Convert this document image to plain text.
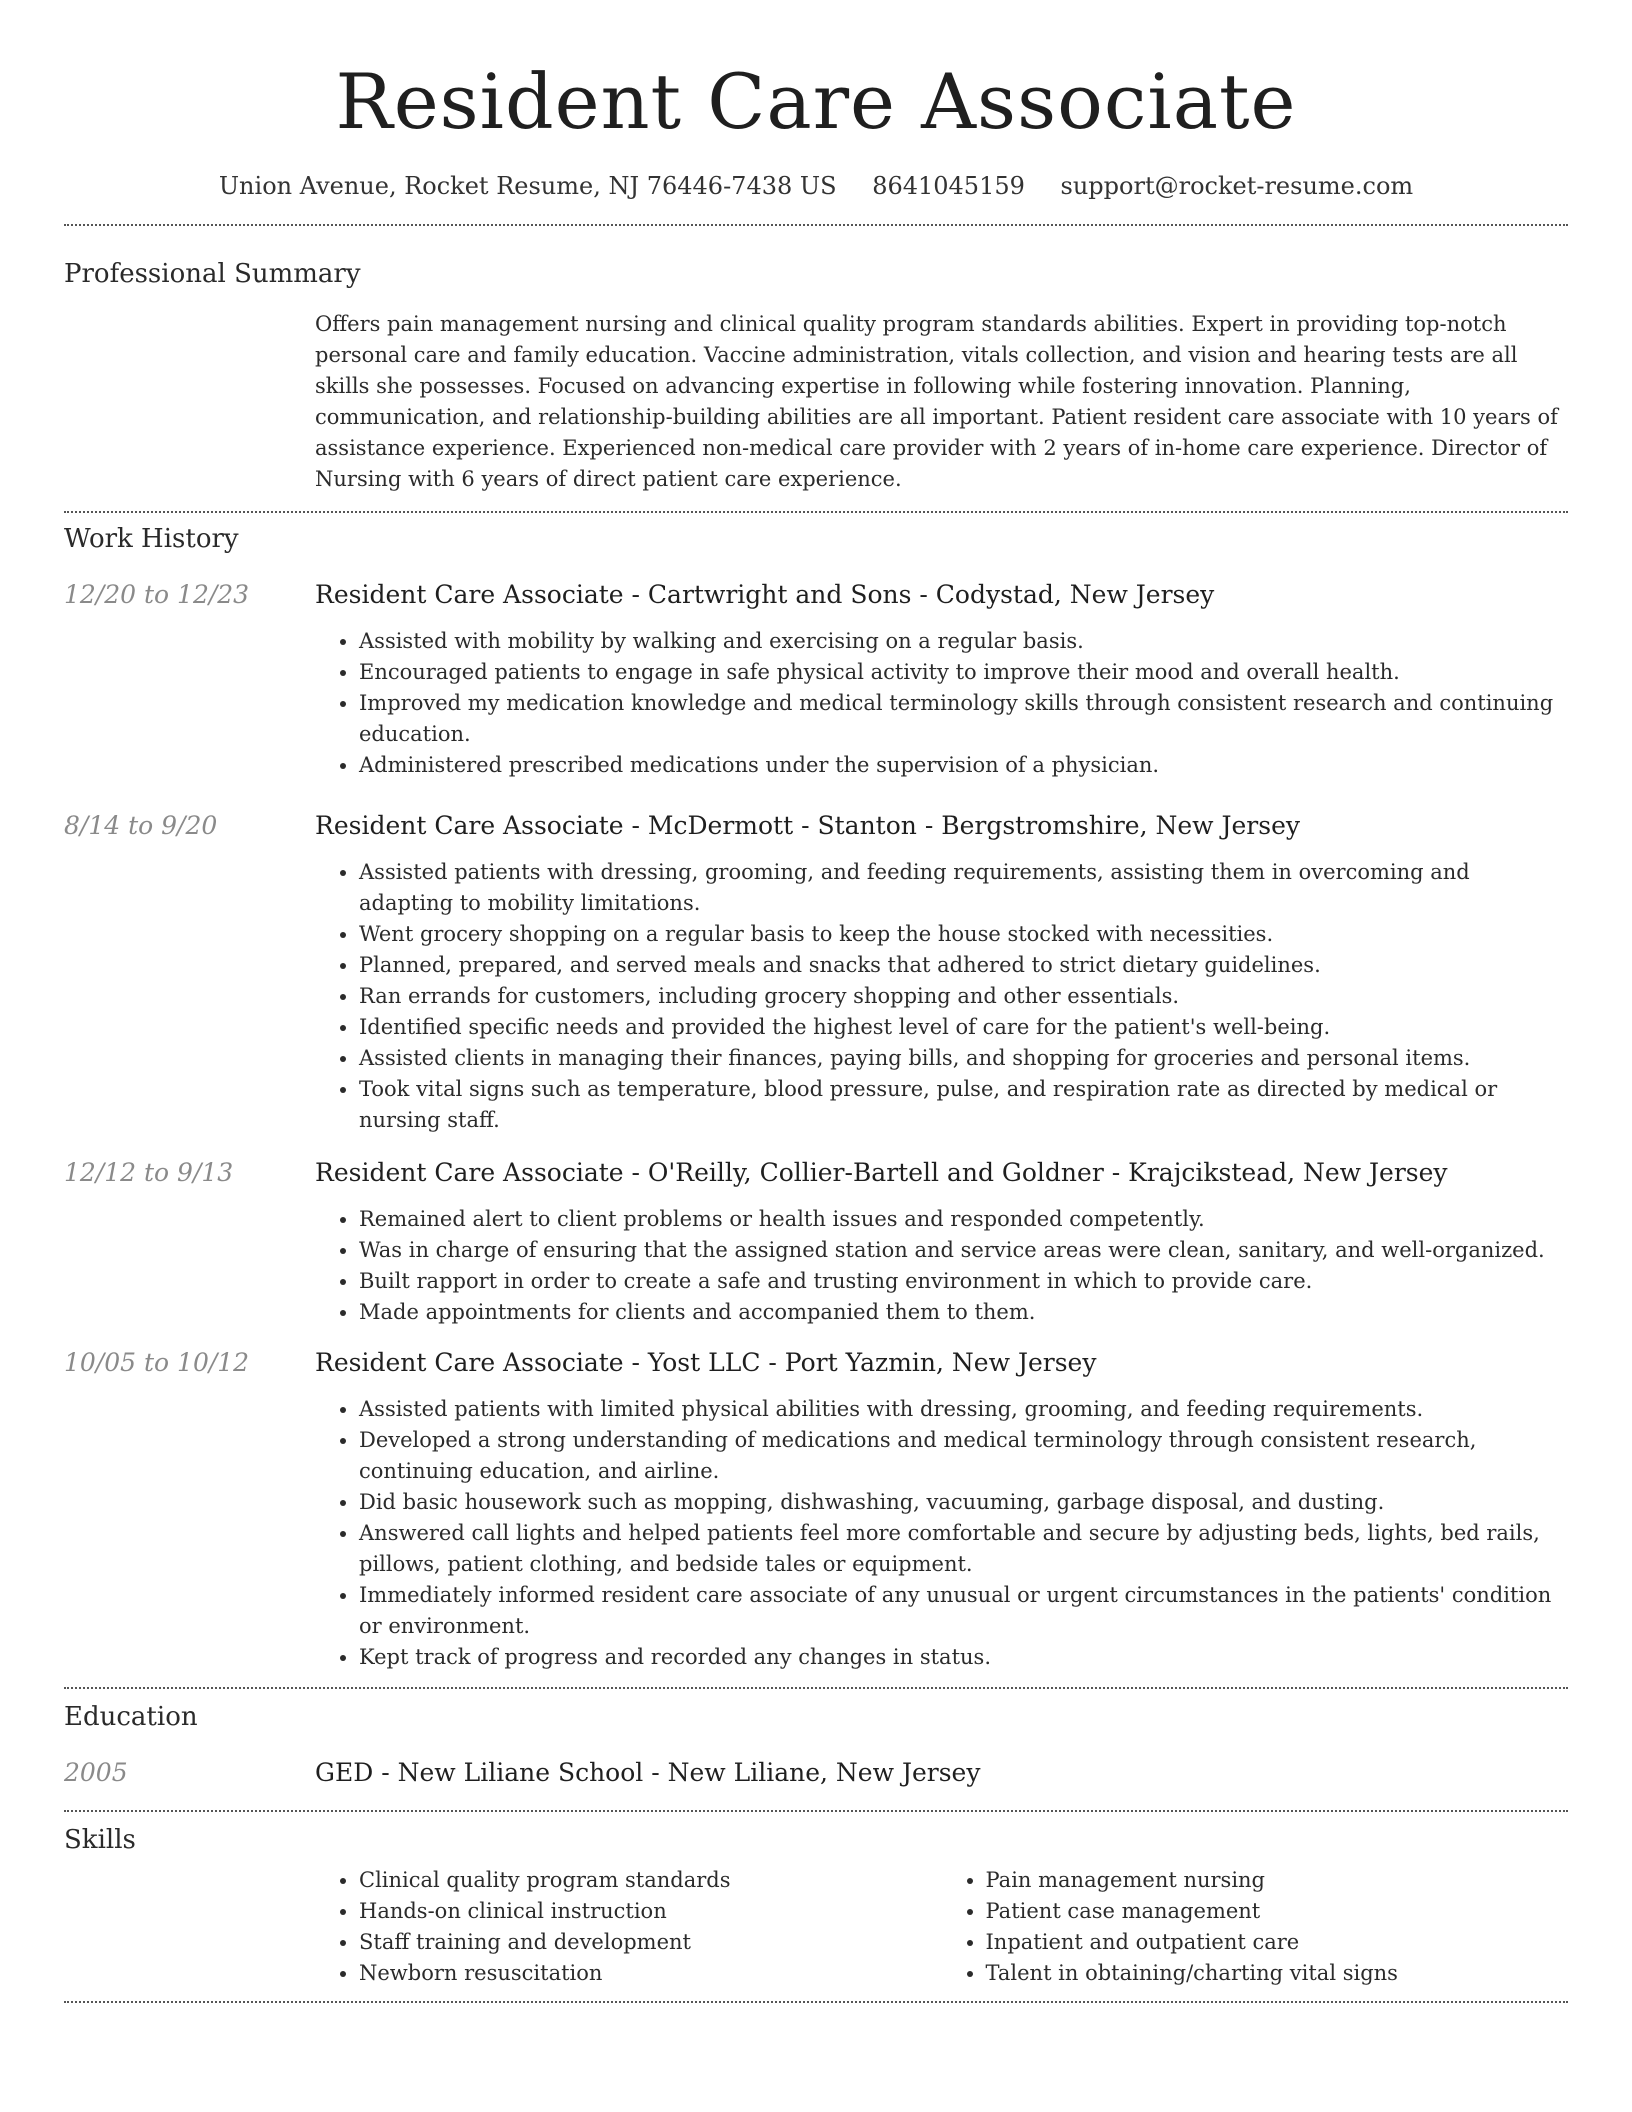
Resident Care Associate
Union Avenue, Rocket Resume, NJ 76446-7438 US 8641045159 support@rocket-resume.com
Professional Summary

Offers pain management nursing and clinical quality program standards abilities. Expert in providing top-notch personal care and family education. Vaccine administration, vitals collection, and vision and hearing tests are all skills she possesses. Focused on advancing expertise in following while fostering innovation. Planning, communication, and relationship-building abilities are all important. Patient resident care associate with 10 years of assistance experience. Experienced non-medical care provider with 2 years of in-home care experience. Director of Nursing with 6 years of direct patient care experience.

Work History
12/20 to 12/23	Resident Care Associate - Cartwright and Sons - Codystad, New Jersey
• Assisted with mobility by walking and exercising on a regular basis.
• Encouraged patients to engage in safe physical activity to improve their mood and overall health.
• Improved my medication knowledge and medical terminology skills through consistent research and continuing education.
• Administered prescribed medications under the supervision of a physician.
8/14 to 9/20	Resident Care Associate - McDermott - Stanton - Bergstromshire, New Jersey
• Assisted patients with dressing, grooming, and feeding requirements, assisting them in overcoming and adapting to mobility limitations.
• Went grocery shopping on a regular basis to keep the house stocked with necessities.
• Planned, prepared, and served meals and snacks that adhered to strict dietary guidelines.
• Ran errands for customers, including grocery shopping and other essentials.
• Identified specific needs and provided the highest level of care for the patient's well-being.
• Assisted clients in managing their finances, paying bills, and shopping for groceries and personal items.
• Took vital signs such as temperature, blood pressure, pulse, and respiration rate as directed by medical or nursing staff.
12/12 to 9/13	Resident Care Associate - O'Reilly, Collier-Bartell and Goldner - Krajcikstead, New Jersey
• Remained alert to client problems or health issues and responded competently.
• Was in charge of ensuring that the assigned station and service areas were clean, sanitary, and well-organized.
• Built rapport in order to create a safe and trusting environment in which to provide care.
• Made appointments for clients and accompanied them to them.
10/05 to 10/12	Resident Care Associate - Yost LLC - Port Yazmin, New Jersey
• Assisted patients with limited physical abilities with dressing, grooming, and feeding requirements.
• Developed a strong understanding of medications and medical terminology through consistent research, continuing education, and airline.
• Did basic housework such as mopping, dishwashing, vacuuming, garbage disposal, and dusting.
• Answered call lights and helped patients feel more comfortable and secure by adjusting beds, lights, bed rails, pillows, patient clothing, and bedside tales or equipment.
• Immediately informed resident care associate of any unusual or urgent circumstances in the patients' condition or environment.
• Kept track of progress and recorded any changes in status.
Education
2005	GED - New Liliane School - New Liliane, New Jersey
Skills
• Clinical quality program standards
• Hands-on clinical instruction
• Staff training and development
• Newborn resuscitation
• Pain management nursing
• Patient case management
• Inpatient and outpatient care
• Talent in obtaining/charting vital signs
